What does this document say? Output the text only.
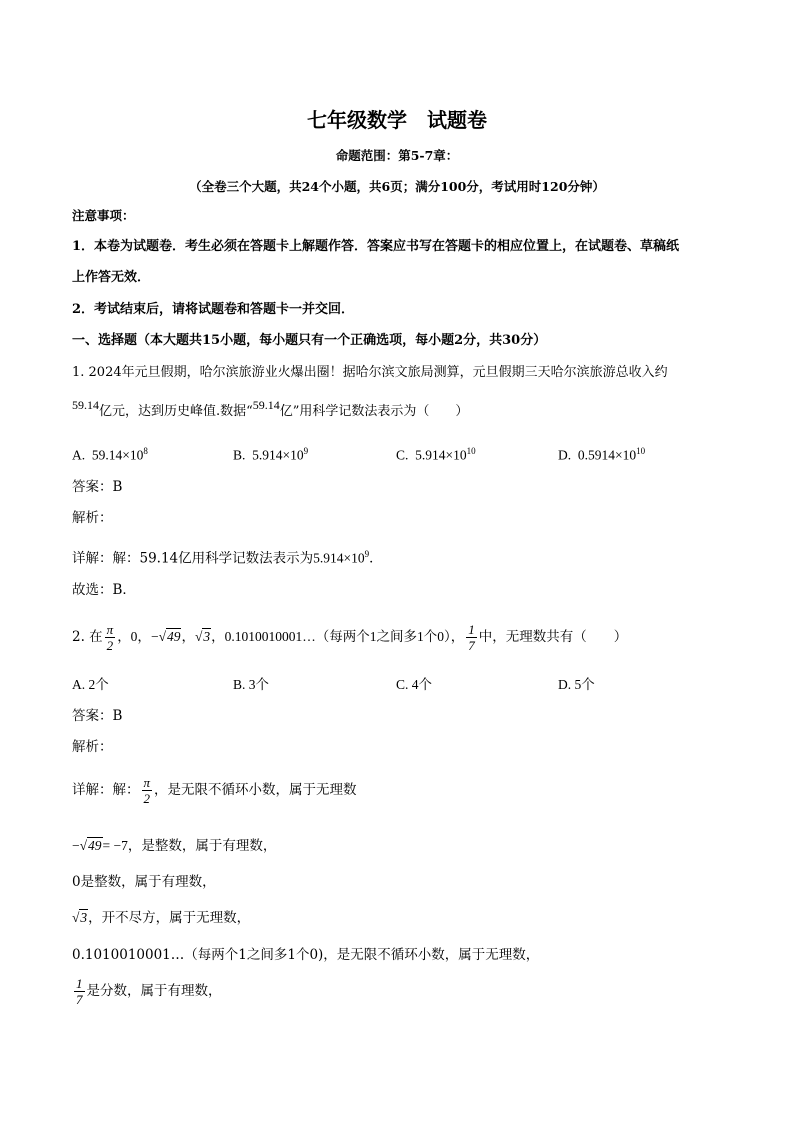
七年级数学　试题卷
命题范围：第5-7章：
（全卷三个大题，共24个小题，共6页；满分100分，考试用时120分钟）
注意事项：
1．本卷为试题卷．考生必须在答题卡上解题作答．答案应书写在答题卡的相应位置上，在试题卷、草稿纸
上作答无效．
2．考试结束后，请将试题卷和答题卡一并交回．
一、选择题（本大题共15小题，每小题只有一个正确选项，每小题2分，共30分）
1. 2024年元旦假期，哈尔滨旅游业火爆出圈！据哈尔滨文旅局测算，元旦假期三天哈尔滨旅游总收入约
59.14亿元，达到历史峰值.数据“59.14亿”用科学记数法表示为（　　）
A. $59.14\times 10^8$	B. $5.914\times 10^9$	C. $5.914\times 10^{10}$	D. $0.5914\times 10^{10}$
答案：B
解析：
详解：解：59.14亿用科学记数法表示为$5.914\times 10^9$．
故选：B．
2. 在 $\frac{\pi}{2}$ ，0，−√49，√3，0.1010010001…（每两个1之间多1个0）， $\frac{1}{7}$ 中，无理数共有（　　）
A. 2个	B. 3个	C. 4个	D. 5个
答案：B
解析：
详解：解： $\frac{\pi}{2}$ ，是无限不循环小数，属于无理数
−√49= −7，是整数，属于有理数，
0是整数，属于有理数，
√3，开不尽方，属于无理数，
0.1010010001…（每两个1之间多1个0)，是无限不循环小数，属于无理数，
$\frac{1}{7}$ 是分数，属于有理数，
